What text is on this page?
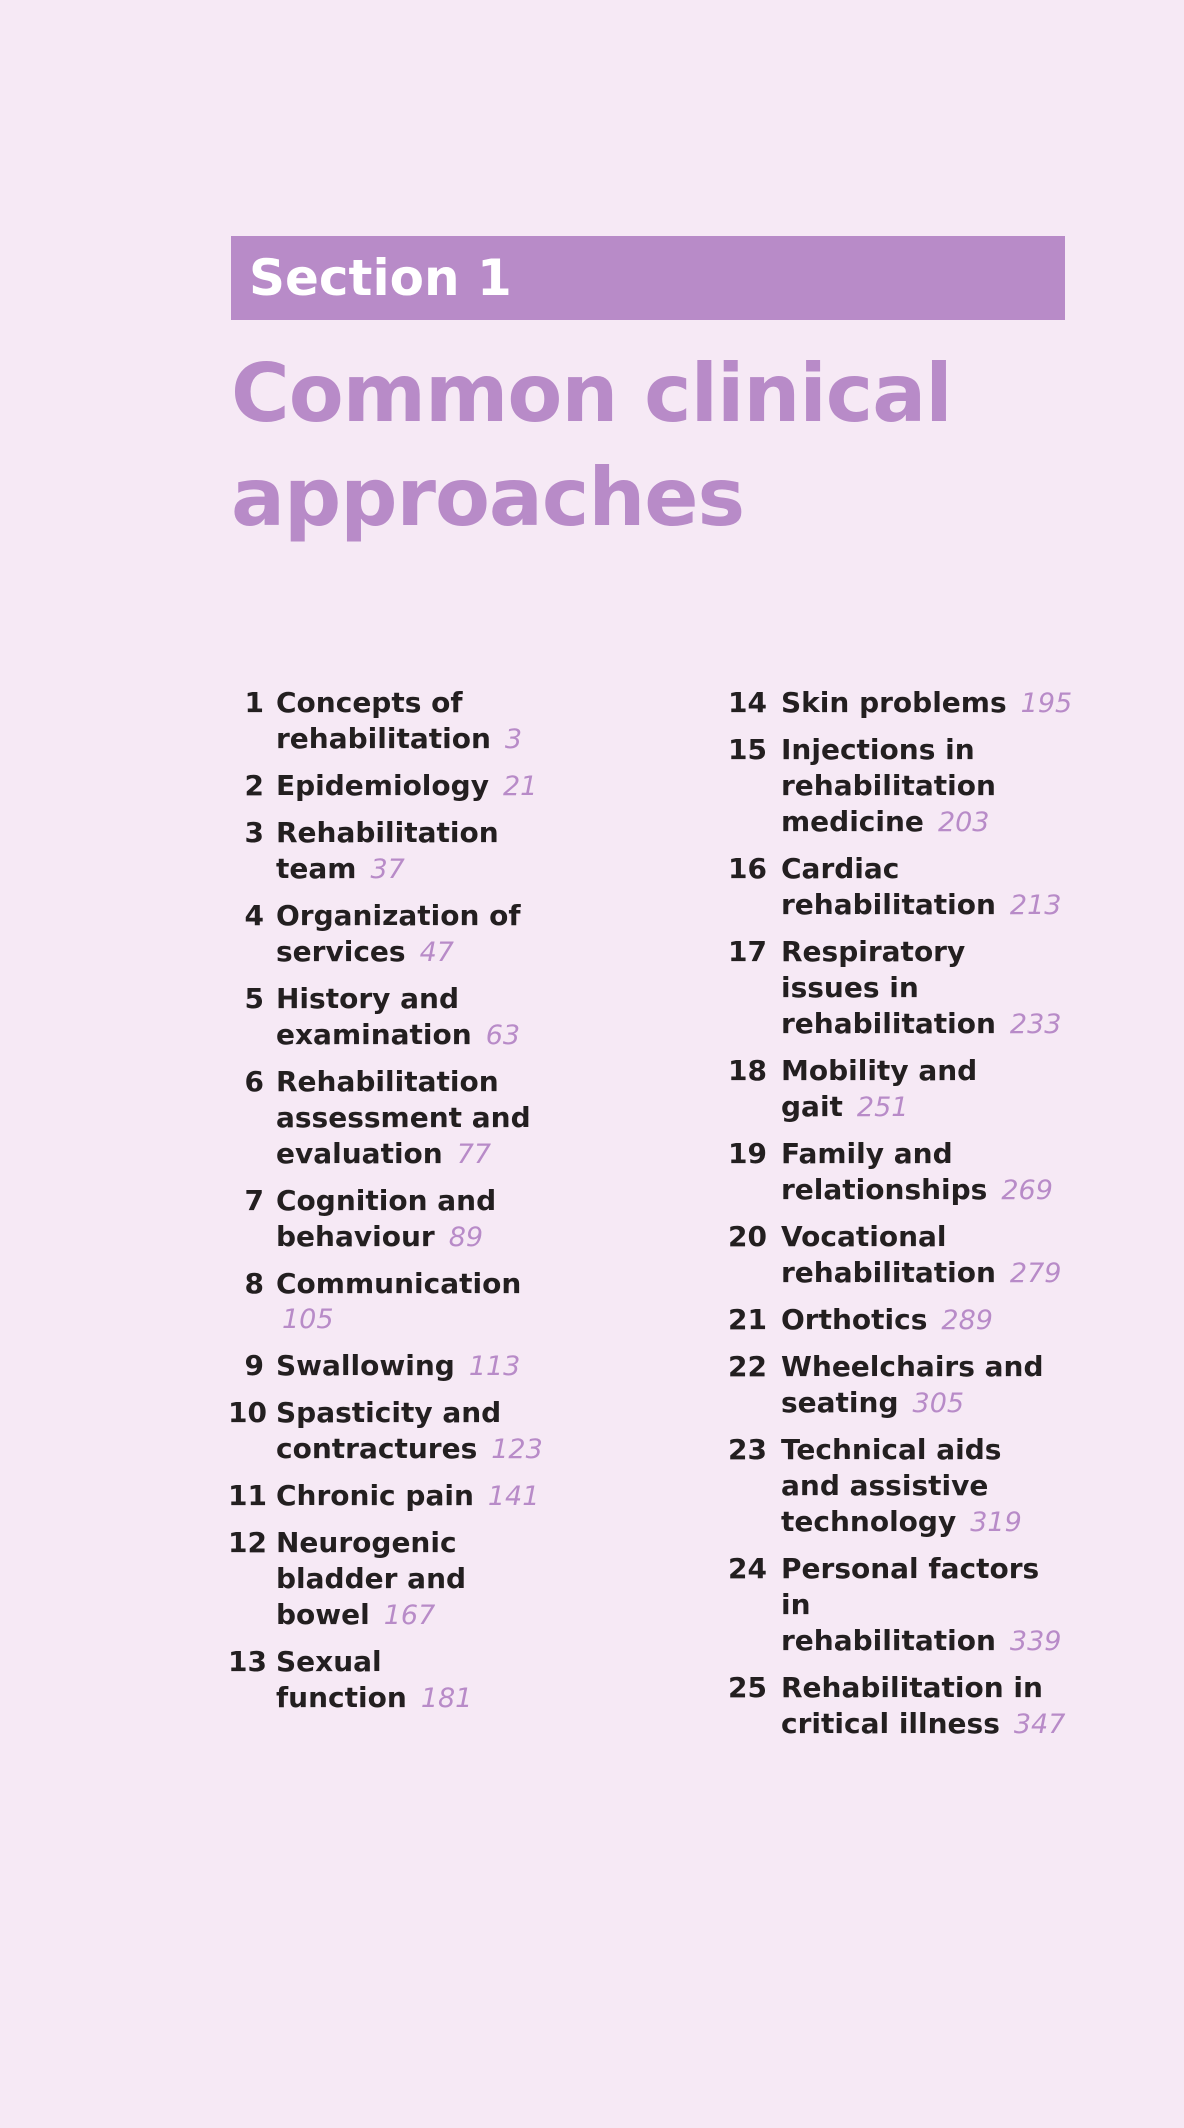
Section 1
Common clinical approaches
1 Concepts of rehabilitation 3
2 Epidemiology 21
3 Rehabilitation team 37
4 Organization of services 47
5 History and examination 63
6 Rehabilitation assessment and evaluation 77
7 Cognition and behaviour 89
8 Communication
105
9 Swallowing 113
10 Spasticity and contractures 123
11 Chronic pain 141
12 Neurogenic bladder and bowel 167
13 Sexual function 181
14 Skin problems 195
15 Injections in rehabilitation medicine 203
16 Cardiac rehabilitation 213
17 Respiratory issues in rehabilitation 233
18 Mobility and gait 251
19 Family and relationships 269
20 Vocational rehabilitation 279
21 Orthotics 289
22 Wheelchairs and seating 305
23 Technical aids and assistive technology 319
24 Personal factors in rehabilitation 339
25 Rehabilitation in critical illness 347
